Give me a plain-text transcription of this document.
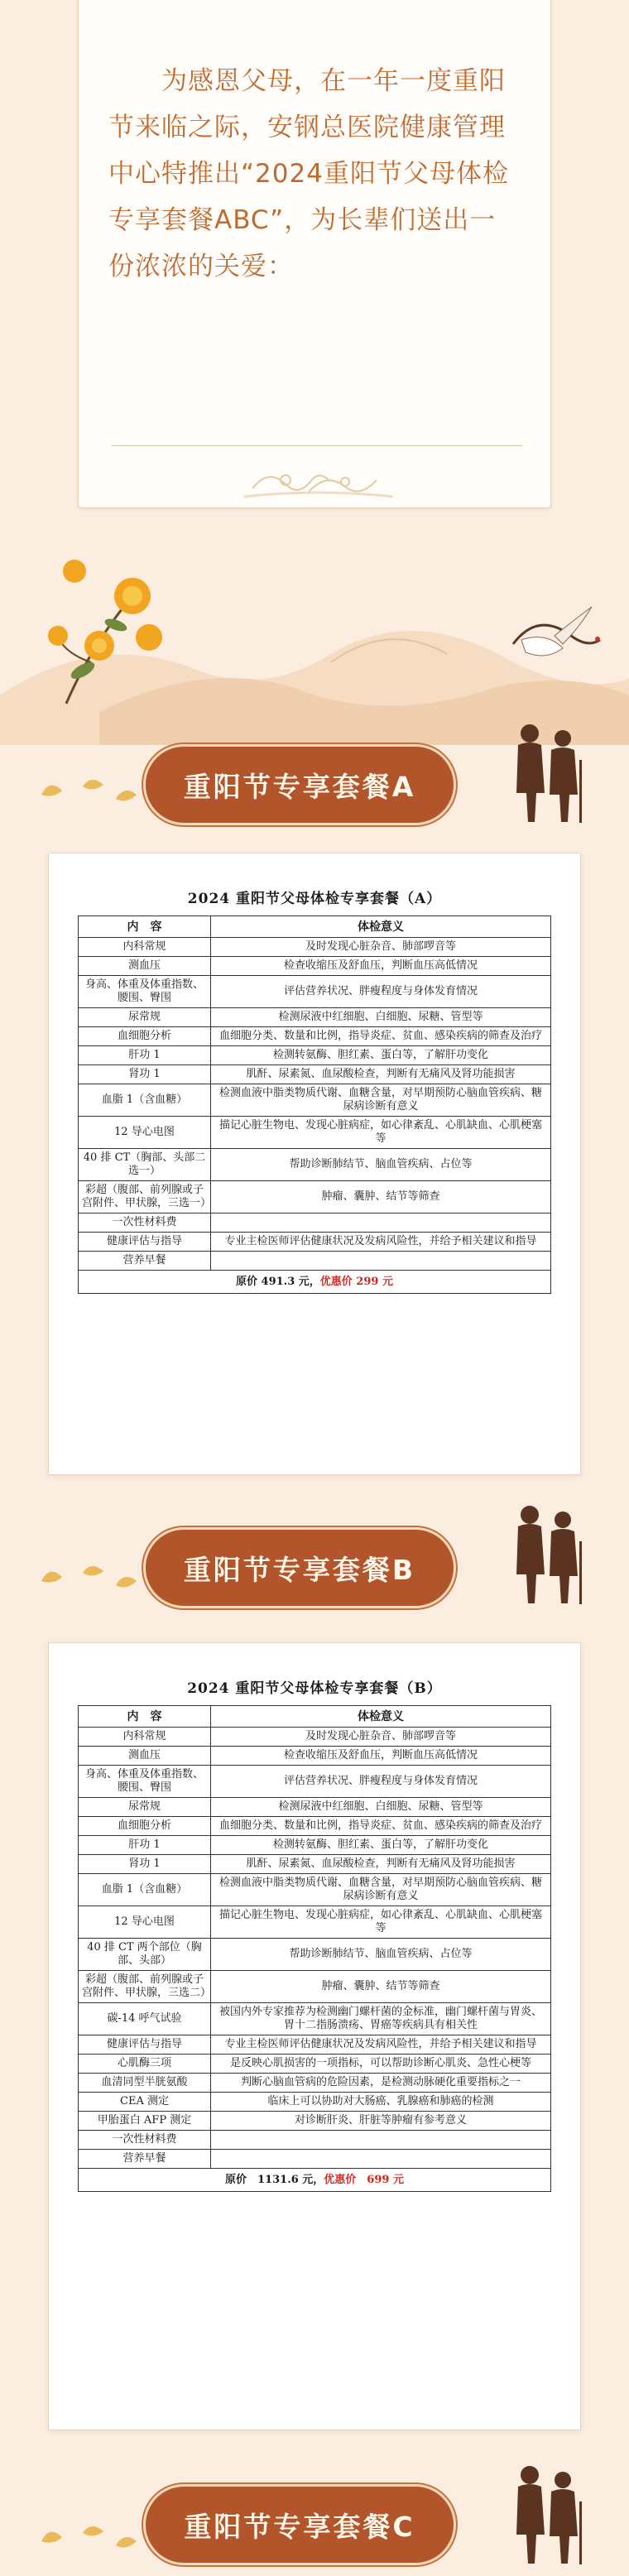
　　为感恩父母，在一年一度重阳节来临之际，安钢总医院健康管理中心特推出“2024重阳节父母体检专享套餐ABC”，为长辈们送出一份浓浓的关爱：

重阳节专享套餐A
2024 重阳节父母体检专享套餐（A）
内　容	体检意义
内科常规	及时发现心脏杂音、肺部啰音等
测血压	检查收缩压及舒血压，判断血压高低情况
身高、体重及体重指数、腰围、臀围	评估营养状况、胖瘦程度与身体发育情况
尿常规	检测尿液中红细胞、白细胞、尿糖、管型等
血细胞分析	血细胞分类、数量和比例，指导炎症、贫血、感染疾病的筛查及治疗
肝功 1	检测转氨酶、胆红素、蛋白等，了解肝功变化
肾功 1	肌酐、尿素氮、血尿酸检查，判断有无痛风及肾功能损害
血脂 1（含血糖）	检测血液中脂类物质代谢、血糖含量，对早期预防心脑血管疾病、糖尿病诊断有意义
12 导心电图	描记心脏生物电、发现心脏病症，如心律紊乱、心肌缺血、心肌梗塞等
40 排 CT（胸部、头部二选一）	帮助诊断肺结节、脑血管疾病、占位等
彩超（腹部、前列腺或子宫附件、甲状腺，三选一）	肿瘤、囊肿、结节等筛查
一次性材料费	
健康评估与指导	专业主检医师评估健康状况及发病风险性，并给予相关建议和指导
营养早餐	
原价 491.3 元，优惠价 299 元	
重阳节专享套餐B
2024 重阳节父母体检专享套餐（B）
内　容	体检意义
内科常规	及时发现心脏杂音、肺部啰音等
测血压	检查收缩压及舒血压，判断血压高低情况
身高、体重及体重指数、腰围、臀围	评估营养状况、胖瘦程度与身体发育情况
尿常规	检测尿液中红细胞、白细胞、尿糖、管型等
血细胞分析	血细胞分类、数量和比例，指导炎症、贫血、感染疾病的筛查及治疗
肝功 1	检测转氨酶、胆红素、蛋白等，了解肝功变化
肾功 1	肌酐、尿素氮、血尿酸检查，判断有无痛风及肾功能损害
血脂 1（含血糖）	检测血液中脂类物质代谢、血糖含量，对早期预防心脑血管疾病、糖尿病诊断有意义
12 导心电图	描记心脏生物电、发现心脏病症，如心律紊乱、心肌缺血、心肌梗塞等
40 排 CT 两个部位（胸部、头部）	帮助诊断肺结节、脑血管疾病、占位等
彩超（腹部、前列腺或子宫附件、甲状腺，三选二）	肿瘤、囊肿、结节等筛查
碳-14 呼气试验	被国内外专家推荐为检测幽门螺杆菌的金标准，幽门螺杆菌与胃炎、胃十二指肠溃疡、胃癌等疾病具有相关性
健康评估与指导	专业主检医师评估健康状况及发病风险性，并给予相关建议和指导
心肌酶三项	是反映心肌损害的一项指标，可以帮助诊断心肌炎、急性心梗等
血清同型半胱氨酸	判断心脑血管病的危险因素，是检测动脉硬化重要指标之一
CEA 测定	临床上可以协助对大肠癌、乳腺癌和肺癌的检测
甲胎蛋白 AFP 测定	对诊断肝炎、肝脏等肿瘤有参考意义
一次性材料费	
营养早餐	
原价　1131.6 元，优惠价　699 元	
重阳节专享套餐C
